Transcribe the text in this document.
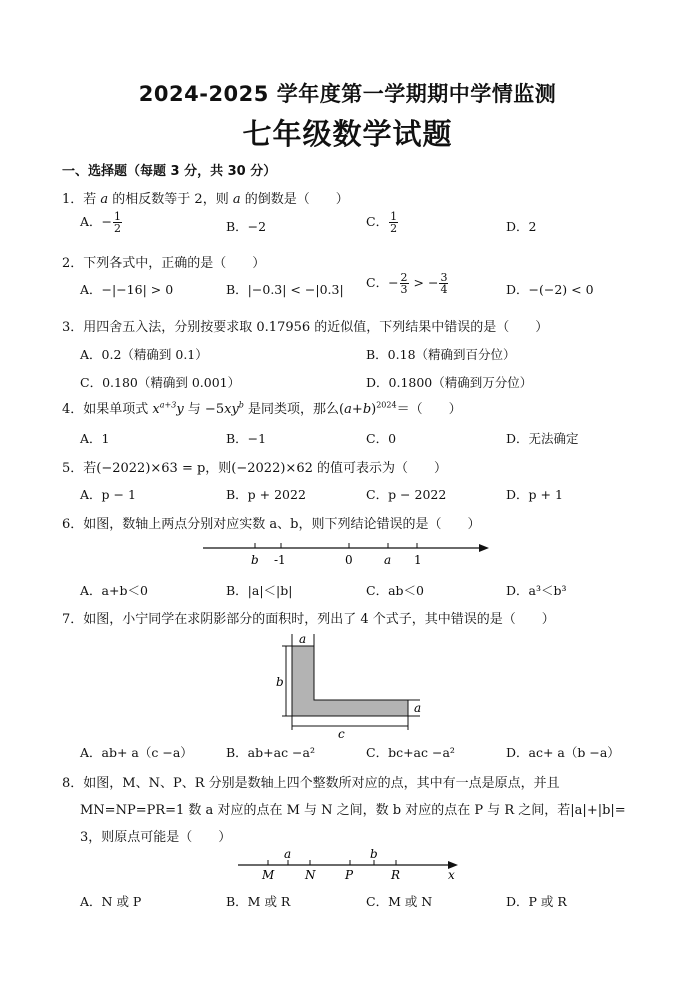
2024-2025 学年度第一学期期中学情监测
七年级数学试题
一、选择题（每题 3 分，共 30 分）
1．若 a 的相反数等于 2，则 a 的倒数是（　　）
A．− $\frac{1}{2}$	B．−2	C． $\frac{1}{2}$	D．2
2．下列各式中，正确的是（　　）
A．−|−16| > 0	B．|−0.3| < −|0.3| C．− $\frac{2}{3}$ > − $\frac{3}{4}$	D．−(−2) < 0
3．用四舍五入法，分别按要求取 0.17956 的近似值，下列结果中错误的是（　　）
A．0.2（精确到 0.1）	B．0.18（精确到百分位）
C．0.180（精确到 0.001）	D．0.1800（精确到万分位）
4．如果单项式 $x^{a+3}y$ 与 $-5xy^b$ 是同类项，那么$(a+b)^{2024}=$（　　）
A．1	B．−1	C．0	D．无法确定
5．若(−2022)×63 = p，则(−2022)×62 的值可表示为（　　）
A．p − 1	B．p + 2022	C．p − 2022	D．p + 1
6．如图，数轴上两点分别对应实数 a、b，则下列结论错误的是（　　）
b -1	0	a 1
A．a+b＜0	B．|a|＜|b|	C．ab＜0	D．a³＜b³
7．如图，小宁同学在求阴影部分的面积时，列出了 4 个式子，其中错误的是（　　）
a
b
c
a
A．ab+ a（c −a）	B．ab+ac −a²	C．bc+ac −a²	D．ac+ a（b −a）
8．如图，M、N、P、R 分别是数轴上四个整数所对应的点，其中有一点是原点，并且
MN=NP=PR=1 数 a 对应的点在 M 与 N 之间，数 b 对应的点在 P 与 R 之间，若|a|+|b|=
3，则原点可能是（　　）
a	b
M	N P	R	x
A．N 或 P	B．M 或 R	C．M 或 N	D．P 或 R
